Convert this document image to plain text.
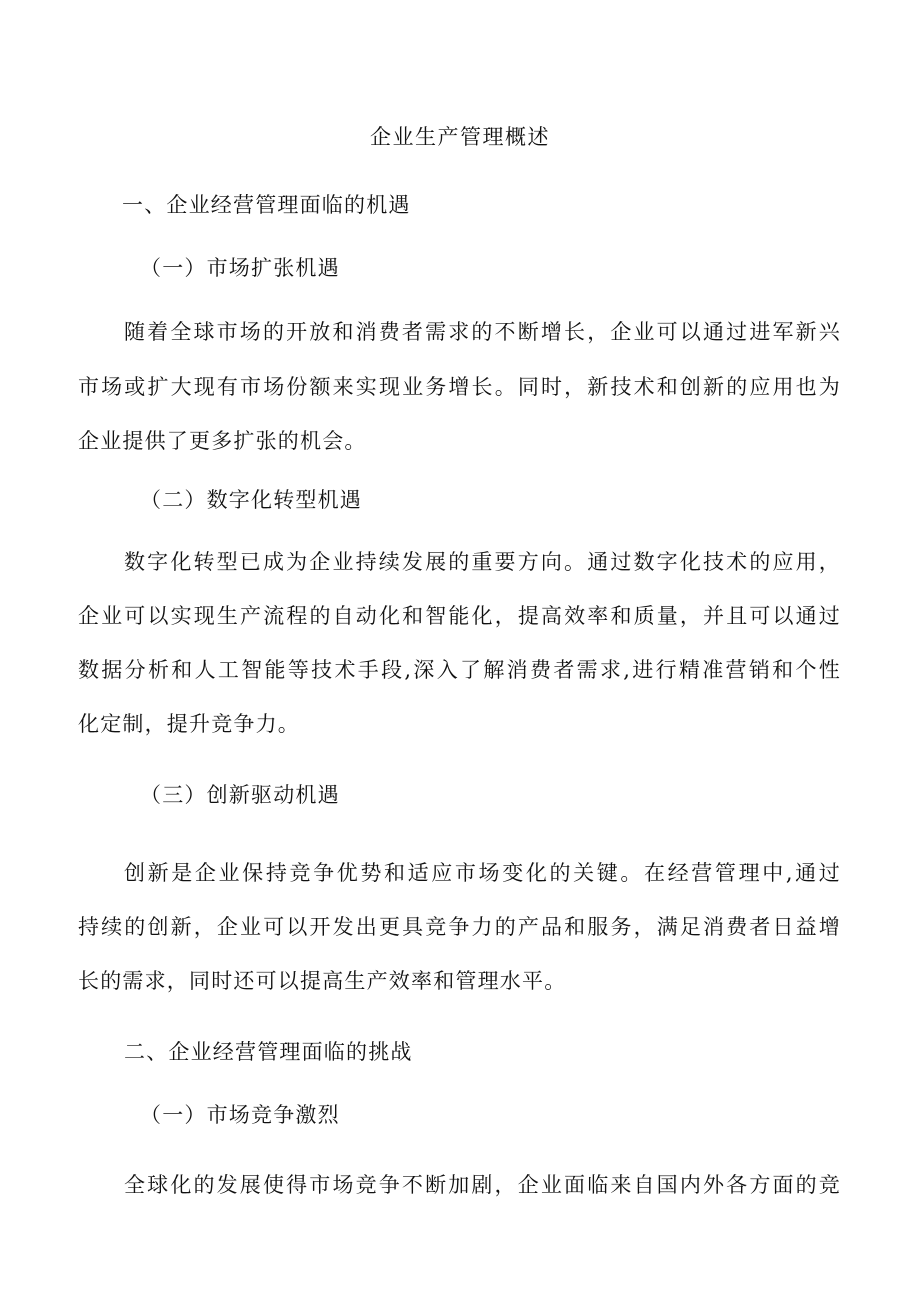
企业生产管理概述
一、企业经营管理面临的机遇
（一）市场扩张机遇
随着全球市场的开放和消费者需求的不断增长，企业可以通过进军新兴
市场或扩大现有市场份额来实现业务增长。同时，新技术和创新的应用也为
企业提供了更多扩张的机会。
（二）数字化转型机遇
数字化转型已成为企业持续发展的重要方向。通过数字化技术的应用，
企业可以实现生产流程的自动化和智能化，提高效率和质量，并且可以通过
数据分析和人工智能等技术手段,深入了解消费者需求,进行精准营销和个性
化定制，提升竞争力。
（三）创新驱动机遇
创新是企业保持竞争优势和适应市场变化的关键。在经营管理中,通过
持续的创新，企业可以开发出更具竞争力的产品和服务，满足消费者日益增
长的需求，同时还可以提高生产效率和管理水平。
二、企业经营管理面临的挑战
（一）市场竞争激烈
全球化的发展使得市场竞争不断加剧，企业面临来自国内外各方面的竞
